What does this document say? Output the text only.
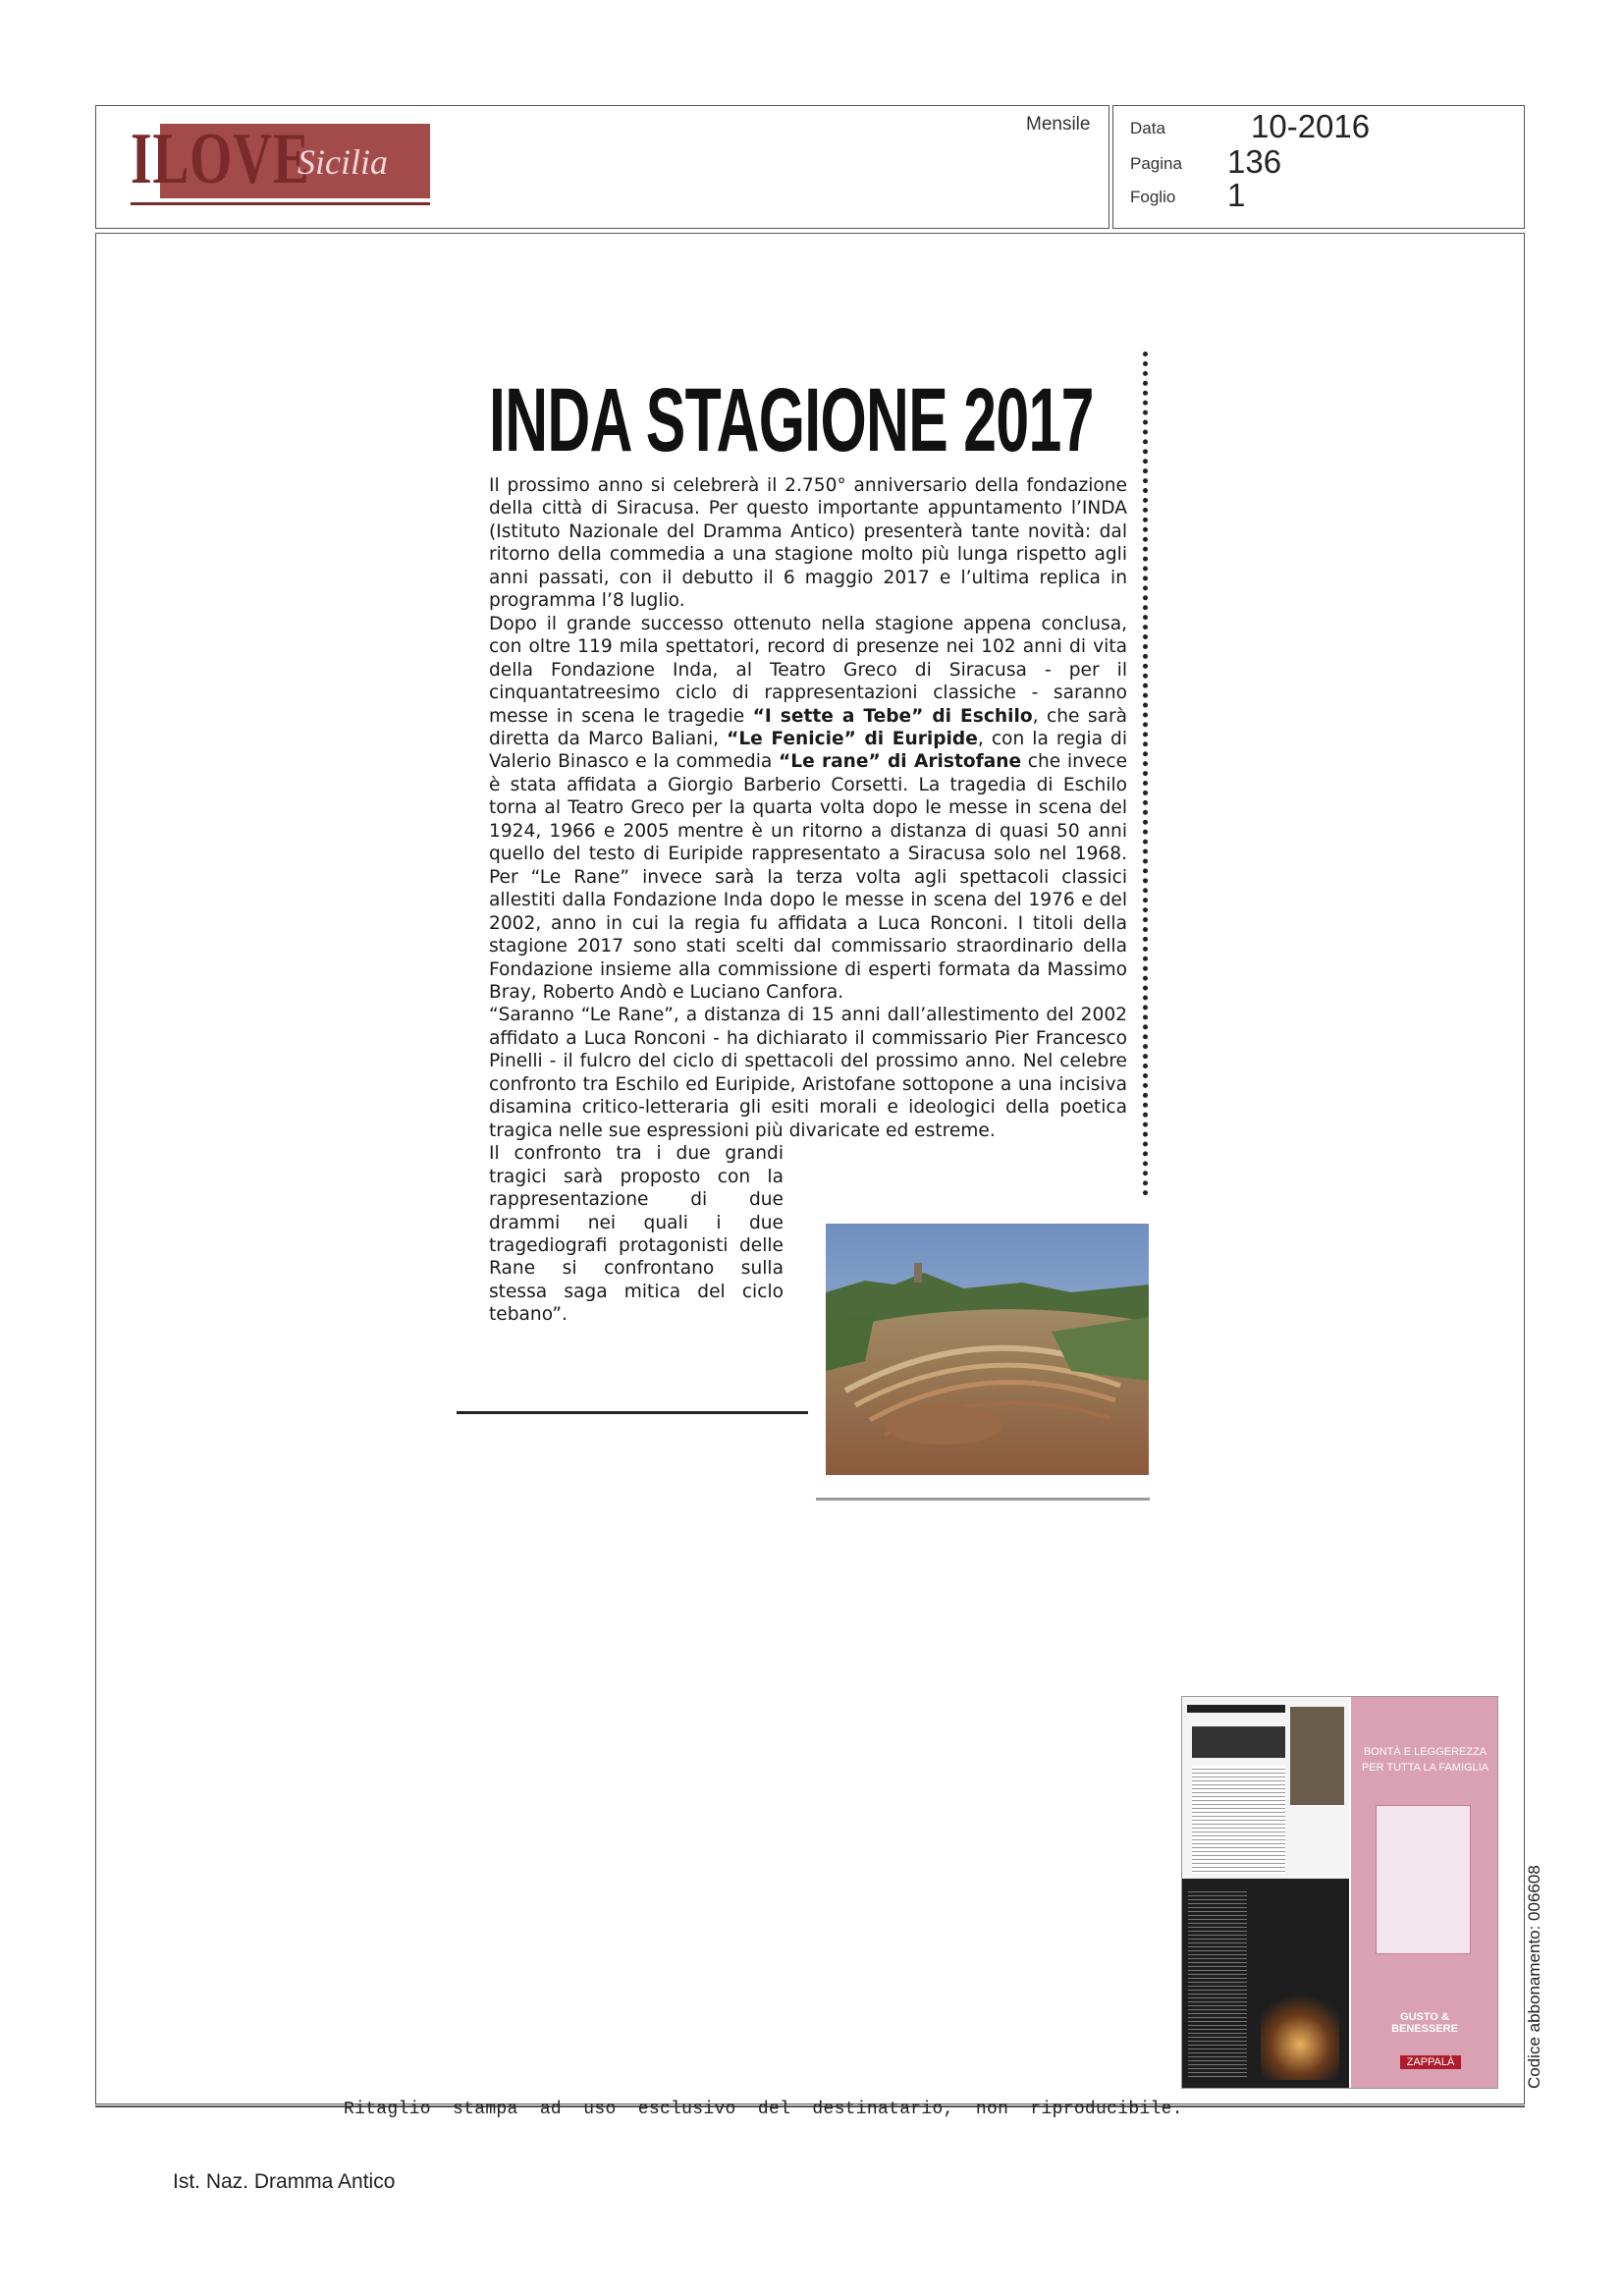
ILOVE
Sicilia
Mensile Data	10-2016
Pagina 136
Foglio 1
INDA STAGIONE 2017

Il prossimo anno si celebrerà il 2.750° anniversario della fondazione della città di Siracusa. Per questo importante appuntamento l’INDA (Istituto Nazionale del Dramma Antico) presenterà tante novità: dal ritorno della commedia a una stagione molto più lunga rispetto agli anni passati, con il debutto il 6 maggio 2017 e l’ultima replica in programma l’8 luglio.

Dopo il grande successo ottenuto nella stagione appena conclusa, con oltre 119 mila spettatori, record di presenze nei 102 anni di vita della Fondazione Inda, al Teatro Greco di Siracusa - per il cinquantatreesimo ciclo di rappresentazioni classiche - saranno messe in scena le tragedie “I sette a Tebe” di Eschilo, che sarà diretta da Marco Baliani, “Le Fenicie” di Euripide, con la regia di Valerio Binasco e la commedia “Le rane” di Aristofane che invece è stata affidata a Giorgio Barberio Corsetti. La tragedia di Eschilo torna al Teatro Greco per la quarta volta dopo le messe in scena del 1924, 1966 e 2005 mentre è un ritorno a distanza di quasi 50 anni quello del testo di Euripide rappresentato a Siracusa solo nel 1968. Per “Le Rane” invece sarà la terza volta agli spettacoli classici allestiti dalla Fondazione Inda dopo le messe in scena del 1976 e del 2002, anno in cui la regia fu affidata a Luca Ronconi. I titoli della stagione 2017 sono stati scelti dal commissario straordinario della Fondazione insieme alla commissione di esperti formata da Massimo Bray, Roberto Andò e Luciano Canfora.

“Saranno “Le Rane”, a distanza di 15 anni dall’allestimento del 2002 affidato a Luca Ronconi - ha dichiarato il commissario Pier Francesco Pinelli - il fulcro del ciclo di spettacoli del prossimo anno. Nel celebre confronto tra Eschilo ed Euripide, Aristofane sottopone a una incisiva disamina critico-letteraria gli esiti morali e ideologici della poetica tragica nelle sue espressioni più divaricate ed estreme.

Il confronto tra i due grandi tragici sarà proposto con la rappresentazione di due drammi nei quali i due tragediografi protagonisti delle Rane si confrontano sulla stessa saga mitica del ciclo tebano”.

BONTÀ E LEGGEREZZA
PER TUTTA LA FAMIGLIA
GUSTO & BENESSERE
ZAPPALÀ	Codice abbonamento: 006608
Ritaglio  stampa  ad  uso  esclusivo  del  destinatario,  non  riproducibile.
Ist. Naz. Dramma Antico
